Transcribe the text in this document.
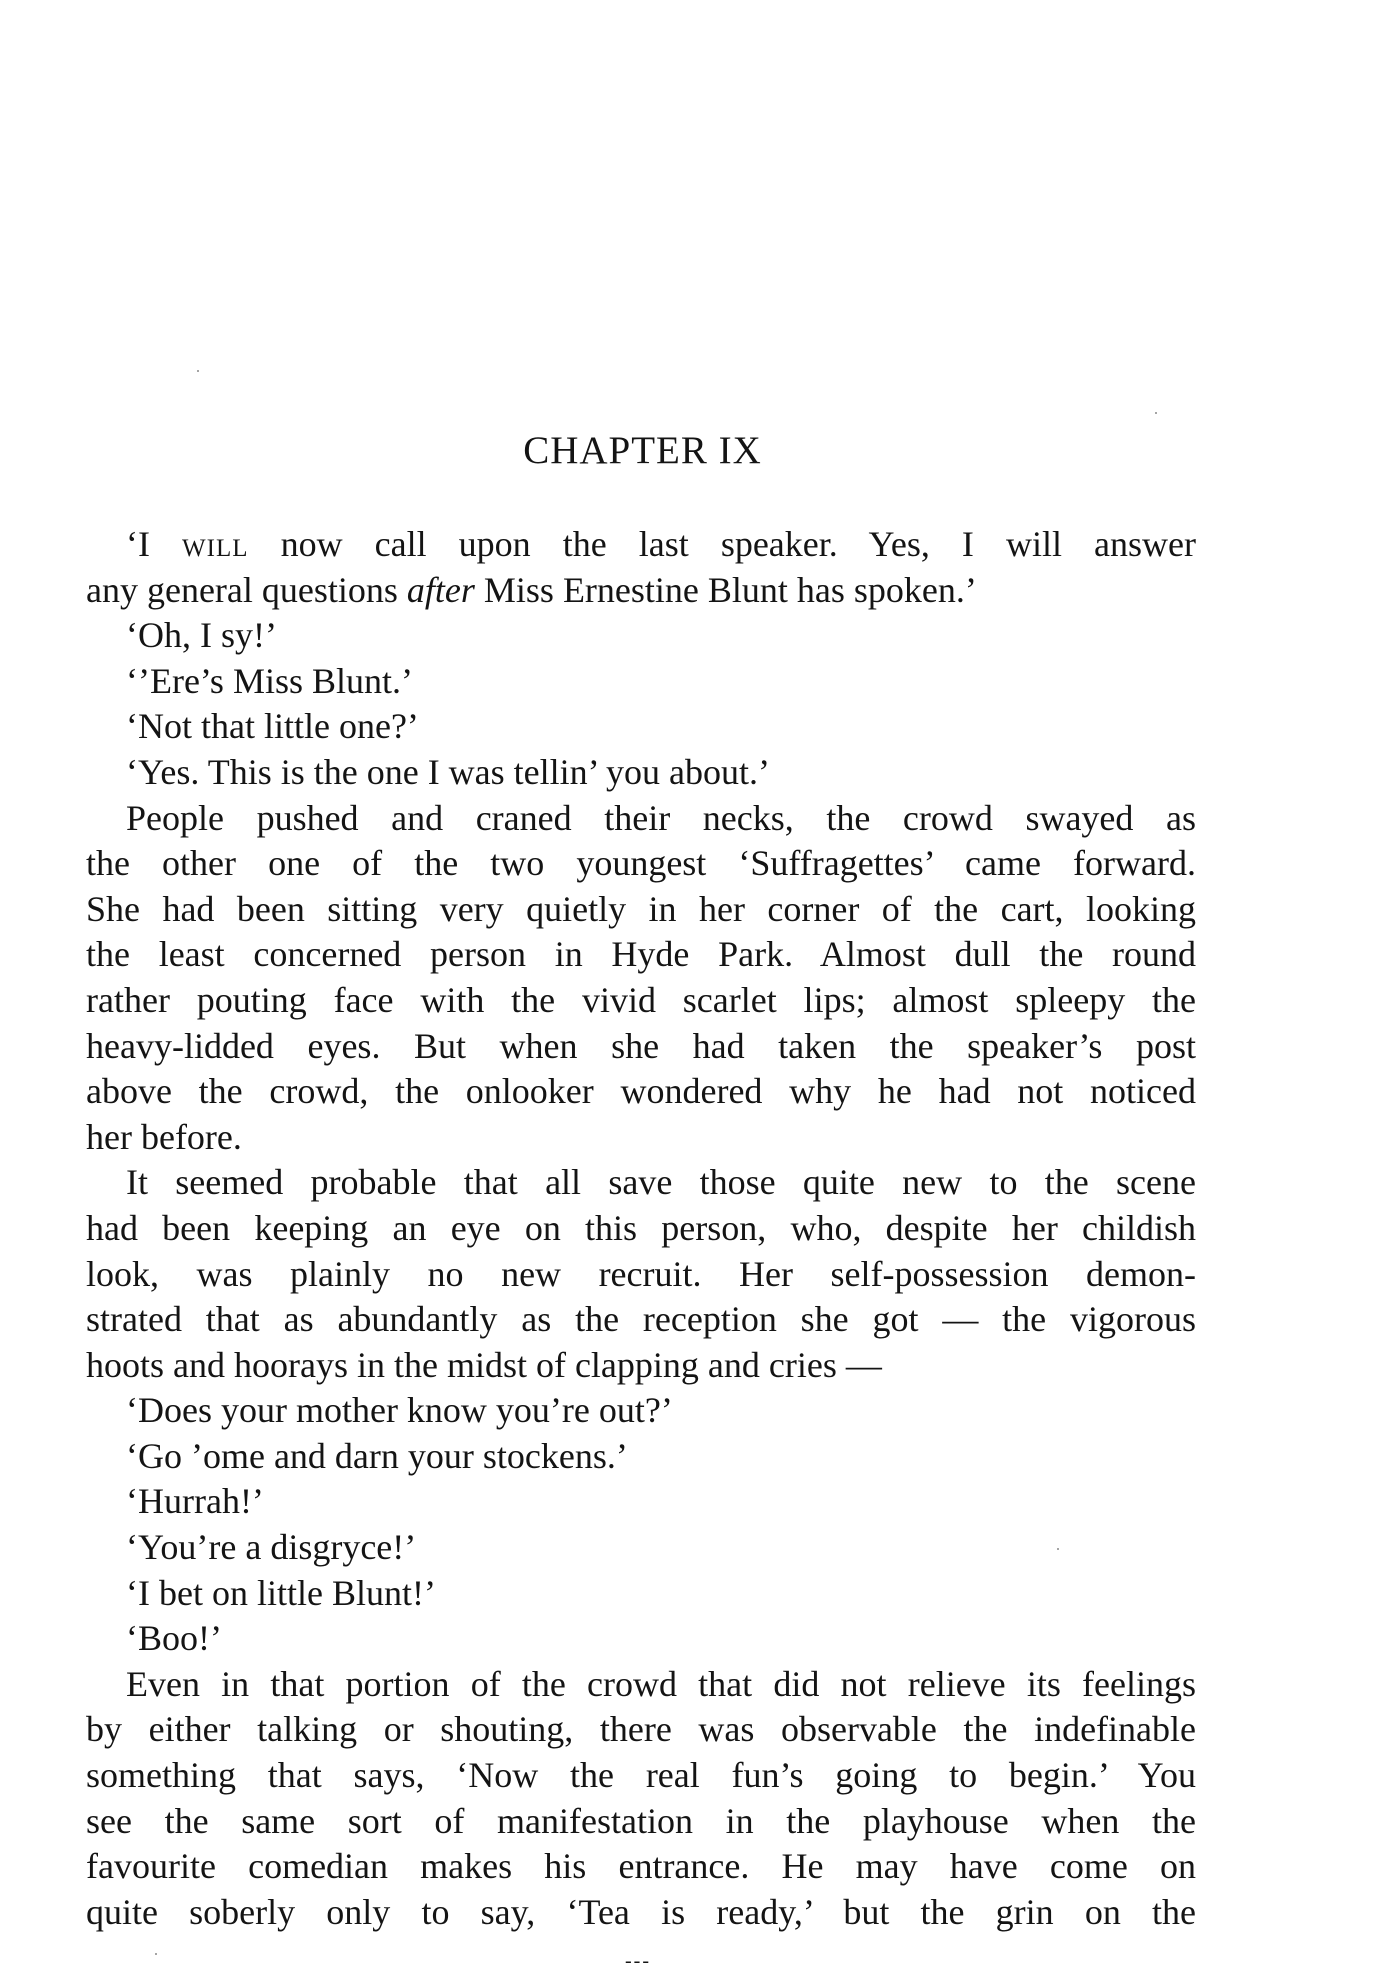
CHAPTER IX
‘I will now call upon the last speaker. Yes, I will answer
any general questions after Miss Ernestine Blunt has spoken.’
‘Oh, I sy!’
‘’Ere’s Miss Blunt.’
‘Not that little one?’
‘Yes. This is the one I was tellin’ you about.’
People pushed and craned their necks, the crowd swayed as
the other one of the two youngest ‘Suffragettes’ came forward.
She had been sitting very quietly in her corner of the cart, looking
the least concerned person in Hyde Park. Almost dull the round
rather pouting face with the vivid scarlet lips; almost spleepy the
heavy-lidded eyes. But when she had taken the speaker’s post
above the crowd, the onlooker wondered why he had not noticed
her before.
It seemed probable that all save those quite new to the scene
had been keeping an eye on this person, who, despite her childish
look, was plainly no new recruit. Her self-possession demon-
strated that as abundantly as the reception she got — the vigorous
hoots and hoorays in the midst of clapping and cries —
‘Does your mother know you’re out?’
‘Go ’ome and darn your stockens.’
‘Hurrah!’
‘You’re a disgryce!’
‘I bet on little Blunt!’
‘Boo!’
Even in that portion of the crowd that did not relieve its feelings
by either talking or shouting, there was observable the indefinable
something that says, ‘Now the real fun’s going to begin.’ You
see the same sort of manifestation in the playhouse when the
favourite comedian makes his entrance. He may have come on
quite soberly only to say, ‘Tea is ready,’ but the grin on the
---
